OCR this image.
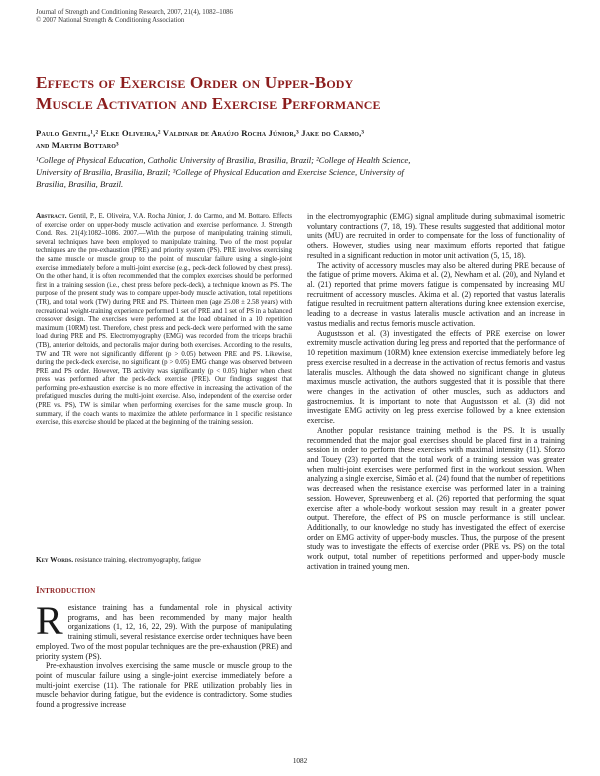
Journal of Strength and Conditioning Research, 2007, 21(4), 1082–1086
© 2007 National Strength & Conditioning Association
Effects of Exercise Order on Upper-Body
Muscle Activation and Exercise Performance
Paulo Gentil,¹,² Elke Oliveira,² Valdinar de Araújo Rocha Júnior,³ Jake do Carmo,³
and Martim Bottaro³
¹College of Physical Education, Catholic University of Brasilia, Brasilia, Brazil; ²College of Health Science,
University of Brasilia, Brasilia, Brazil; ³College of Physical Education and Exercise Science, University of
Brasilia, Brasilia, Brazil.
Abstract. Gentil, P., E. Oliveira, V.A. Rocha Júnior, J. do Carmo, and M. Bottaro. Effects of exercise order on upper-body muscle activation and exercise performance. J. Strength Cond. Res. 21(4):1082–1086. 2007.—With the purpose of manipulating training stimuli, several techniques have been employed to manipulate training. Two of the most popular techniques are the pre-exhaustion (PRE) and priority system (PS). PRE involves exercising the same muscle or muscle group to the point of muscular failure using a single-joint exercise immediately before a multi-joint exercise (e.g., peck-deck followed by chest press). On the other hand, it is often recommended that the complex exercises should be performed first in a training session (i.e., chest press before peck-deck), a technique known as PS. The purpose of the present study was to compare upper-body muscle activation, total repetitions (TR), and total work (TW) during PRE and PS. Thirteen men (age 25.08 ± 2.58 years) with recreational weight-training experience performed 1 set of PRE and 1 set of PS in a balanced crossover design. The exercises were performed at the load obtained in a 10 repetition maximum (10RM) test. Therefore, chest press and peck-deck were performed with the same load during PRE and PS. Electromyography (EMG) was recorded from the triceps brachii (TB), anterior deltoids, and pectoralis major during both exercises. According to the results, TW and TR were not significantly different (p > 0.05) between PRE and PS. Likewise, during the peck-deck exercise, no significant (p > 0.05) EMG change was observed between PRE and PS order. However, TB activity was significantly (p < 0.05) higher when chest press was performed after the peck-deck exercise (PRE). Our findings suggest that performing pre-exhaustion exercise is no more effective in increasing the activation of the prefatigued muscles during the multi-joint exercise. Also, independent of the exercise order (PRE vs. PS), TW is similar when performing exercises for the same muscle group. In summary, if the coach wants to maximize the athlete performance in 1 specific resistance exercise, this exercise should be placed at the beginning of the training session.
Key Words. resistance training, electromyography, fatigue
Introduction

Resistance training has a fundamental role in physical activity programs, and has been recommended by many major health organizations (1, 12, 16, 22, 29). With the purpose of manipulating training stimuli, several resistance exercise order techniques have been employed. Two of the most popular techniques are the pre-exhaustion (PRE) and priority system (PS).

Pre-exhaustion involves exercising the same muscle or muscle group to the point of muscular failure using a single-joint exercise immediately before a multi-joint exercise (11). The rationale for PRE utilization probably lies in muscle behavior during fatigue, but the evidence is contradictory. Some studies found a progressive increase

in the electromyographic (EMG) signal amplitude during submaximal isometric voluntary contractions (7, 18, 19). These results suggested that additional motor units (MU) are recruited in order to compensate for the loss of functionality of others. However, studies using near maximum efforts reported that fatigue resulted in a significant reduction in motor unit activation (5, 15, 18).

The activity of accessory muscles may also be altered during PRE because of the fatigue of prime movers. Akima et al. (2), Newham et al. (20), and Nyland et al. (21) reported that prime movers fatigue is compensated by increasing MU recruitment of accessory muscles. Akima et al. (2) reported that vastus lateralis fatigue resulted in recruitment pattern alterations during knee extension exercise, leading to a decrease in vastus lateralis muscle activation and an increase in vastus medialis and rectus femoris muscle activation.

Augustsson et al. (3) investigated the effects of PRE exercise on lower extremity muscle activation during leg press and reported that the performance of 10 repetition maximum (10RM) knee extension exercise immediately before leg press exercise resulted in a decrease in the activation of rectus femoris and vastus lateralis muscles. Although the data showed no significant change in gluteus maximus muscle activation, the authors suggested that it is possible that there were changes in the activation of other muscles, such as adductors and gastrocnemius. It is important to note that Augustsson et al. (3) did not investigate EMG activity on leg press exercise followed by a knee extension exercise.

Another popular resistance training method is the PS. It is usually recommended that the major goal exercises should be placed first in a training session in order to perform these exercises with maximal intensity (11). Sforzo and Touey (23) reported that the total work of a training session was greater when multi-joint exercises were performed first in the workout session. When analyzing a single exercise, Simão et al. (24) found that the number of repetitions was decreased when the resistance exercise was performed later in a training session. However, Spreuwenberg et al. (26) reported that performing the squat exercise after a whole-body workout session may result in a greater power output. Therefore, the effect of PS on muscle performance is still unclear. Additionally, to our knowledge no study has investigated the effect of exercise order on EMG activity of upper-body muscles. Thus, the purpose of the present study was to investigate the effects of exercise order (PRE vs. PS) on the total work output, total number of repetitions performed and upper-body muscle activation in trained young men.

1082
